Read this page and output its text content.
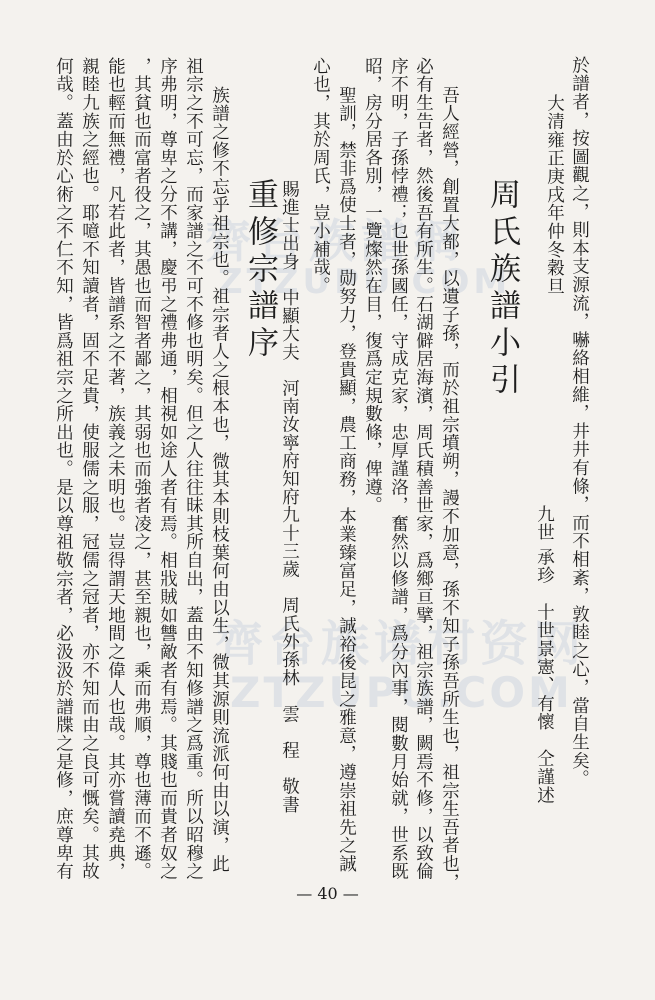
齊台族譜網
ZTZUPU.COM
齊台族谱村资网
ZTZUPU.COM
於譜者，按圖觀之，則本支源流，嚇絡相維，井井有條，而不相紊，敦睦之心，當自生矣。
大清雍正庚戌年仲冬穀旦
九世 承珍　十世景憲、有懷　仝謹述
周氏族譜小引
吾人經營，創置大都，以遺子孫，而於祖宗墳朔，謾不加意，孫不知子孫吾所生也，祖宗生吾者也，
必有生告者，然後吾有所生。石湖僻居海濱，周氏積善世家，爲鄉亘擘，祖宗族譜，闕焉不修，以致倫
序不明，子孫悖禮；乜世孫國任，守成克家，忠厚謹洛，奮然以修譜，爲分內事，閱數月始就，世系既
昭，房分居各別，一覽燦然在目，復爲定規數條，俾遵。
聖訓，禁非爲使士者，勋努力，登貴顯，農工商務，本業臻富足，誠裕後昆之雅意，遵崇祖先之誠
心也，其於周氏，豈小補哉。
賜進士出身　中顯大夫　河南汝寧府知府九十三歲　周氏外孫林　雲　程　敬書
重修宗譜序
族譜之修不忘乎祖宗也。祖宗者人之根本也，微其本則枝葉何由以生，微其源則流派何由以演，此
祖宗之不可忘，而家譜之不可不修也明矣。但之人往往昧其所自出，蓋由不知修譜之爲重。所以昭穆之
序弗明，尊卑之分不講，慶弔之禮弗通，相視如途人者有焉。相戕賊如讐敵者有焉。其賤也而貴者奴之
，其貧也而富者役之，其愚也而智者鄙之，其弱也而強者凌之，甚至親也，乘而弗順，尊也薄而不遜。
能也輕而無禮，凡若此者，皆譜系之不著，族義之未明也。豈得謂天地間之偉人也哉。其亦嘗讀堯典，
親睦九族之經也。耶噫不知讀者，固不足貴，使服儒之服，冠儒之冠者，亦不知而由之良可慨矣。其故
何哉。蓋由於心術之不仁不知，皆爲祖宗之所出也。是以尊祖敬宗者，必汲汲於譜牒之是修，庶尊卑有
— 40 —
